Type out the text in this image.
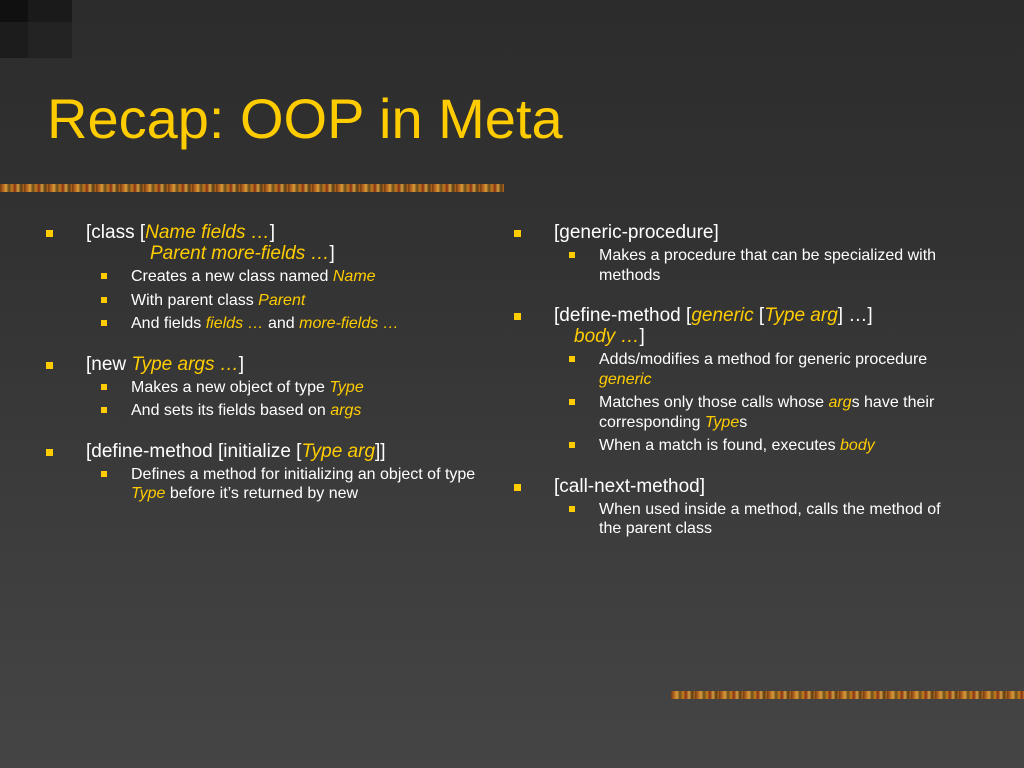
Recap: OOP in Meta
[class [Name fields …]
Parent more-fields …]
Creates a new class named Name
With parent class Parent
And fields fields … and more-fields …
[new Type args …]
Makes a new object of type Type
And sets its fields based on args
[define-method [initialize [Type arg]]
Defines a method for initializing an object of type Type before it’s returned by new
[generic-procedure]
Makes a procedure that can be specialized with methods
[define-method [generic [Type arg] …]
body …]
Adds/modifies a method for generic procedure generic
Matches only those calls whose args have their corresponding Types
When a match is found, executes body
[call-next-method]
When used inside a method, calls the method of the parent class
